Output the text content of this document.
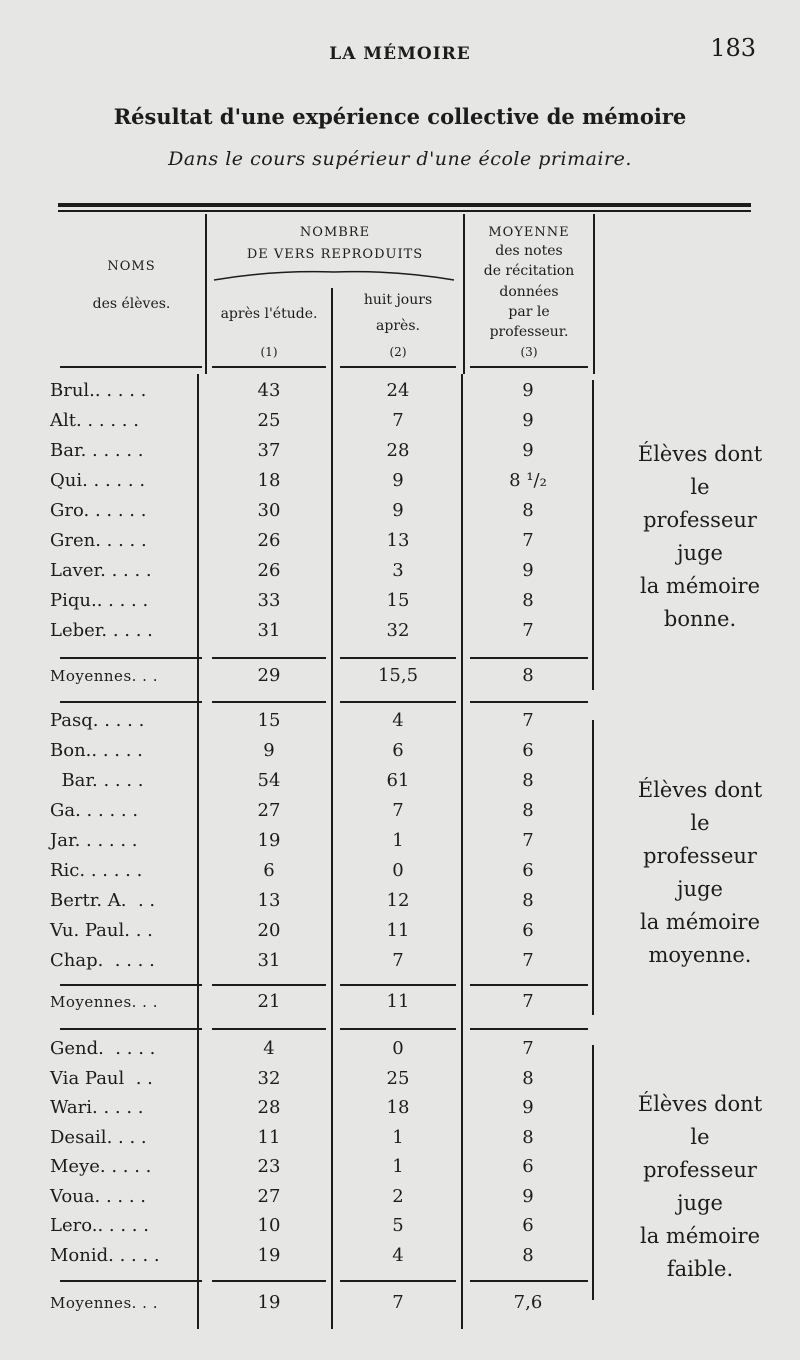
LA MÉMOIRE	183
Résultat d'une expérience collective de mémoire
Dans le cours supérieur d'une école primaire.
NOMS
des élèves.
NOMBRE
DE VERS REPRODUITS
après l'étude.
(1)
huit jours
après.
(2)
MOYENNE
des notes
de récitation
données
par le
professeur.
(3)
Brul.. . . . .	43	24	9
Alt. . . . . .	25	7	9
Bar. . . . . .	37	28	9
Qui. . . . . .	18	9	8 ¹/₂
Gro. . . . . .	30	9	8
Gren. . . . .	26	13	7
Laver. . . . .	26	3	9
Piqu.. . . . .	33	15	8
Leber. . . . .	31	32	7
Moyennes. . .	29	15,5	8
Élèves dont
le
professeur
juge
la mémoire
bonne.
Pasq. . . . .	15	4	7
Bon.. . . . .	9	6	6
Bar. . . . .	54	61	8
Ga. . . . . .	27	7	8
Jar. . . . . .	19	1	7
Ric. . . . . .	6	0	6
Bertr. A.  . .	13	12	8
Vu. Paul. . .	20	11	6
Chap.  . . . .	31	7	7
Moyennes. . .	21	11	7
Élèves dont
le
professeur
juge
la mémoire
moyenne.
Gend.  . . . .	4	0	7
Via Paul  . .	32	25	8
Wari. . . . .	28	18	9
Desail. . . .	11	1	8
Meye. . . . .	23	1	6
Voua. . . . .	27	2	9
Lero.. . . . .	10	5	6
Monid. . . . .	19	4	8
Moyennes. . .	19	7	7,6
Élèves dont
le
professeur
juge
la mémoire
faible.
